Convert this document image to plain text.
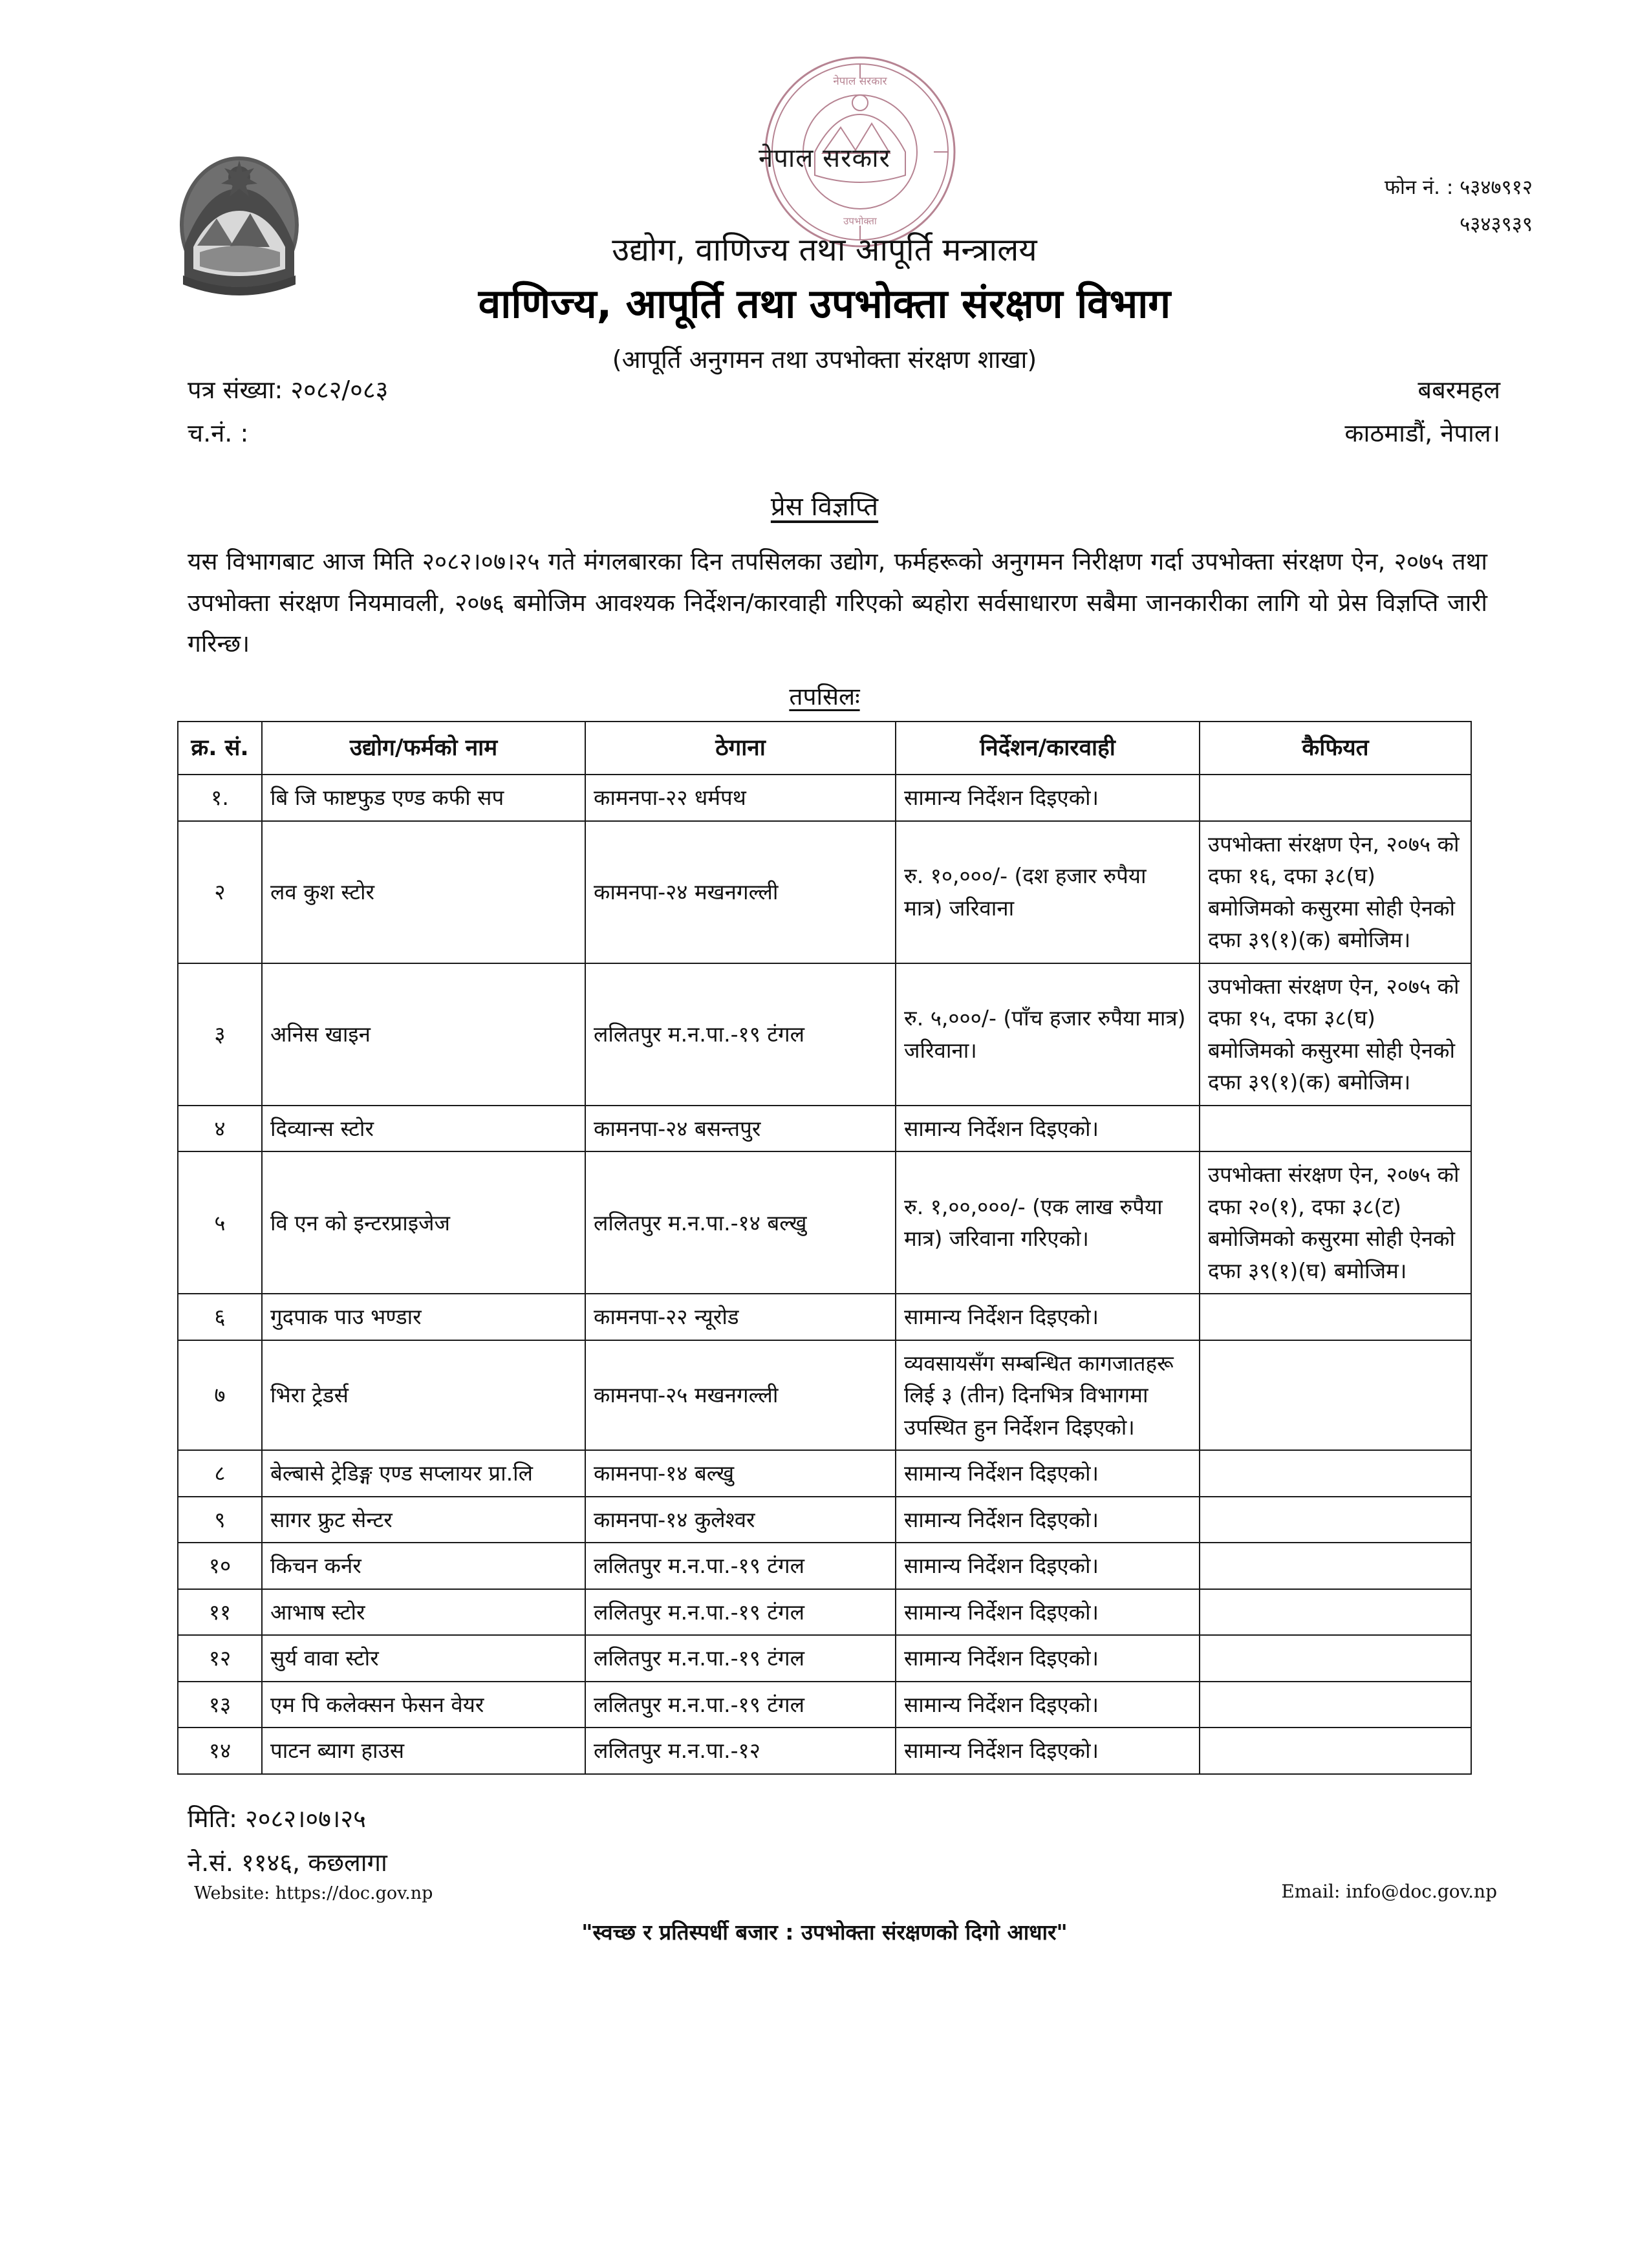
नेपाल सरकार
उपभोक्ता
नेपाल सरकार
उद्योग, वाणिज्य तथा आपूर्ति मन्त्रालय
वाणिज्य, आपूर्ति तथा उपभोक्ता संरक्षण विभाग
(आपूर्ति अनुगमन तथा उपभोक्ता संरक्षण शाखा)
फोन नं. : ५३४७९१२
५३४३९३९
पत्र संख्या: २०८२/०८३
च.नं. :
बबरमहल
काठमाडौं, नेपाल।
प्रेस विज्ञप्ति
यस विभागबाट आज मिति २०८२।०७।२५ गते मंगलबारका दिन तपसिलका उद्योग, फर्महरूको अनुगमन निरीक्षण गर्दा उपभोक्ता संरक्षण ऐन, २०७५ तथा उपभोक्ता संरक्षण नियमावली, २०७६ बमोजिम आवश्यक निर्देशन/कारवाही गरिएको ब्यहोरा सर्वसाधारण सबैमा जानकारीका लागि यो प्रेस विज्ञप्ति जारी गरिन्छ।
तपसिलः
क्र. सं.	उद्योग/फर्मको नाम	ठेगाना	निर्देशन/कारवाही	कैफियत
१.	बि जि फाष्टफुड एण्ड कफी सप	कामनपा-२२ धर्मपथ	सामान्य निर्देशन दिइएको।	
२	लव कुश स्टोर	कामनपा-२४ मखनगल्ली	रु. १०,०००/- (दश हजार रुपैया मात्र) जरिवाना	उपभोक्ता संरक्षण ऐन, २०७५ को दफा १६, दफा ३८(घ) बमोजिमको कसुरमा सोही ऐनको दफा ३९(१)(क) बमोजिम।
३	अनिस खाइन	ललितपुर म.न.पा.-१९ टंगल	रु. ५,०००/- (पाँच हजार रुपैया मात्र) जरिवाना।	उपभोक्ता संरक्षण ऐन, २०७५ को दफा १५, दफा ३८(घ) बमोजिमको कसुरमा सोही ऐनको दफा ३९(१)(क) बमोजिम।
४	दिव्यान्स स्टोर	कामनपा-२४ बसन्तपुर	सामान्य निर्देशन दिइएको।	
५	वि एन को इन्टरप्राइजेज	ललितपुर म.न.पा.-१४ बल्खु	रु. १,००,०००/- (एक लाख रुपैया मात्र) जरिवाना गरिएको।	उपभोक्ता संरक्षण ऐन, २०७५ को दफा २०(१), दफा ३८(ट) बमोजिमको कसुरमा सोही ऐनको दफा ३९(१)(घ) बमोजिम।
६	गुदपाक पाउ भण्डार	कामनपा-२२ न्यूरोड	सामान्य निर्देशन दिइएको।	
७	भिरा ट्रेडर्स	कामनपा-२५ मखनगल्ली	व्यवसायसँग सम्बन्धित कागजातहरू लिई ३ (तीन) दिनभित्र विभागमा उपस्थित हुन निर्देशन दिइएको।	
८	बेल्बासे ट्रेडिङ्ग एण्ड सप्लायर प्रा.लि	कामनपा-१४ बल्खु	सामान्य निर्देशन दिइएको।	
९	सागर फ्रुट सेन्टर	कामनपा-१४ कुलेश्वर	सामान्य निर्देशन दिइएको।	
१०	किचन कर्नर	ललितपुर म.न.पा.-१९ टंगल	सामान्य निर्देशन दिइएको।	
११	आभाष स्टोर	ललितपुर म.न.पा.-१९ टंगल	सामान्य निर्देशन दिइएको।	
१२	सुर्य वावा स्टोर	ललितपुर म.न.पा.-१९ टंगल	सामान्य निर्देशन दिइएको।	
१३	एम पि कलेक्सन फेसन वेयर	ललितपुर म.न.पा.-१९ टंगल	सामान्य निर्देशन दिइएको।	
१४	पाटन ब्याग हाउस	ललितपुर म.न.पा.-१२	सामान्य निर्देशन दिइएको।	
मिति: २०८२।०७।२५
ने.सं. ११४६, कछलागा
Website: https://doc.gov.np	Email: info@doc.gov.np
"स्वच्छ र प्रतिस्पर्धी बजार : उपभोक्ता संरक्षणको दिगो आधार"
